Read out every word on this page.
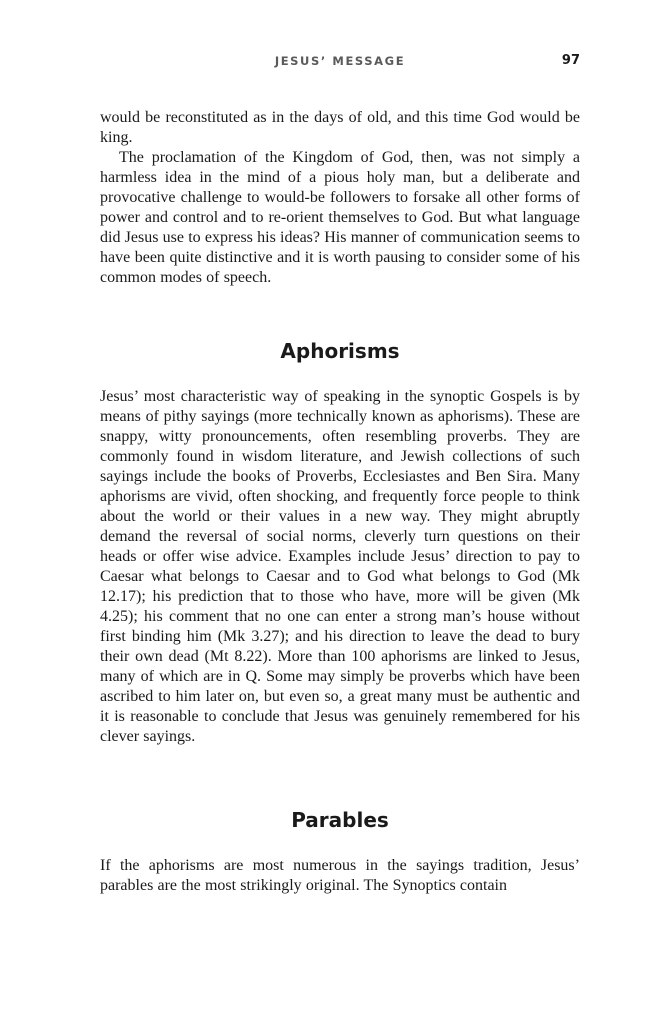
JESUS’ MESSAGE	97

would be reconstituted as in the days of old, and this time God would be king.

The proclamation of the Kingdom of God, then, was not simply a harmless idea in the mind of a pious holy man, but a deliberate and provocative challenge to would-be followers to forsake all other forms of power and control and to re-orient themselves to God. But what language did Jesus use to express his ideas? His manner of communication seems to have been quite distinctive and it is worth pausing to consider some of his common modes of speech.

Aphorisms

Jesus’ most characteristic way of speaking in the synoptic Gospels is by means of pithy sayings (more technically known as aphorisms). These are snappy, witty pronouncements, often resembling proverbs. They are commonly found in wisdom literature, and Jewish collections of such sayings include the books of Proverbs, Ecclesiastes and Ben Sira. Many aphorisms are vivid, often shocking, and frequently force people to think about the world or their values in a new way. They might abruptly demand the reversal of social norms, cleverly turn questions on their heads or offer wise advice. Examples include Jesus’ direction to pay to Caesar what belongs to Caesar and to God what belongs to God (Mk 12.17); his prediction that to those who have, more will be given (Mk 4.25); his comment that no one can enter a strong man’s house without first binding him (Mk 3.27); and his direction to leave the dead to bury their own dead (Mt 8.22). More than 100 aphorisms are linked to Jesus, many of which are in Q. Some may simply be proverbs which have been ascribed to him later on, but even so, a great many must be authentic and it is reasonable to conclude that Jesus was genuinely remembered for his clever sayings.

Parables

If the aphorisms are most numerous in the sayings tradition, Jesus’ parables are the most strikingly original. The Synoptics contain
